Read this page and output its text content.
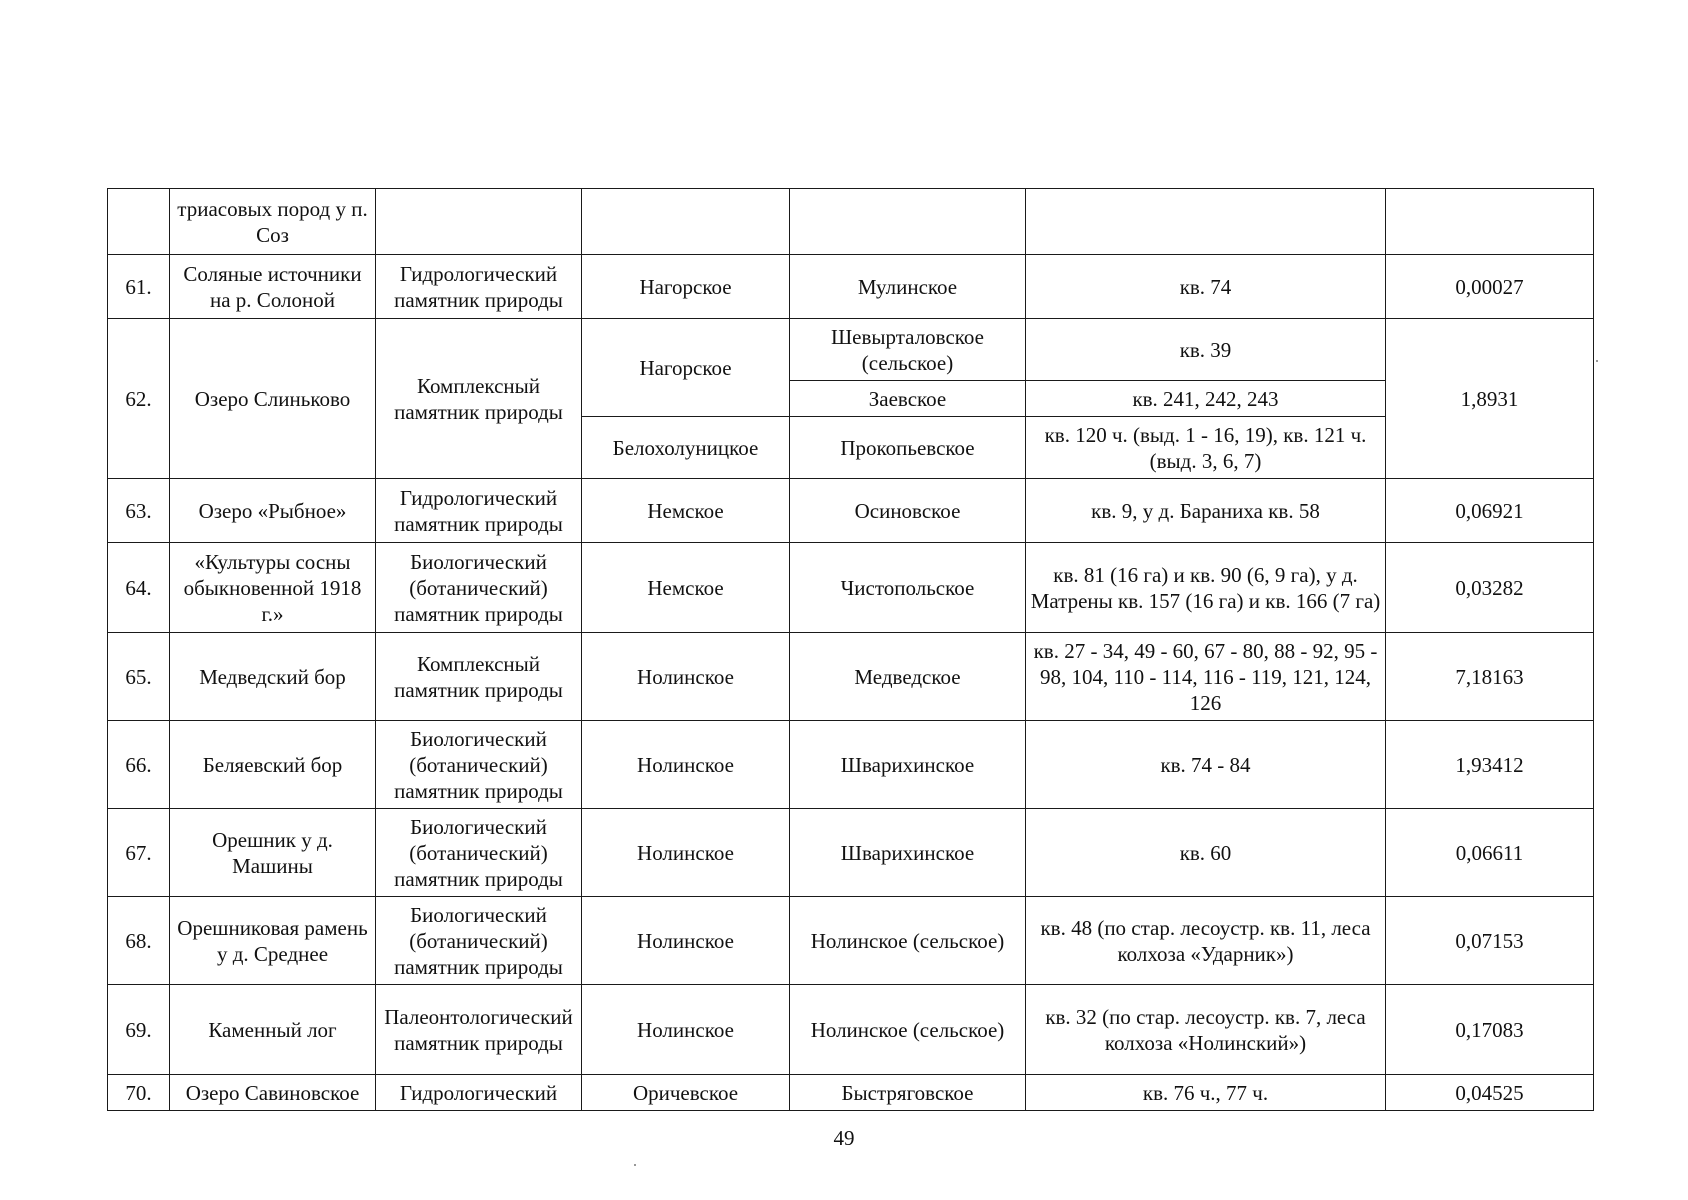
	триасовых пород у п. Соз					
61.	Соляные источники на р. Солоной	Гидрологический памятник природы	Нагорское	Мулинское	кв. 74	0,00027
62.	Озеро Слиньково	Комплексный памятник природы	Нагорское	Шевырталовское (сельское)	кв. 39	1,8931
				Заевское	кв. 241, 242, 243	
			Белохолуницкое	Прокопьевское	кв. 120 ч. (выд. 1 - 16, 19), кв. 121 ч. (выд. 3, 6, 7)	
63.	Озеро «Рыбное»	Гидрологический памятник природы	Немское	Осиновское	кв. 9, у д. Бараниха кв. 58	0,06921
64.	«Культуры сосны обыкновенной 1918 г.»	Биологический (ботанический) памятник природы	Немское	Чистопольское	кв. 81 (16 га) и кв. 90 (6, 9 га), у д. Матрены кв. 157 (16 га) и кв. 166 (7 га)	0,03282
65.	Медведский бор	Комплексный памятник природы	Нолинское	Медведское	кв. 27 - 34, 49 - 60, 67 - 80, 88 - 92, 95 - 98, 104, 110 - 114, 116 - 119, 121, 124, 126	7,18163
66.	Беляевский бор	Биологический (ботанический) памятник природы	Нолинское	Шварихинское	кв. 74 - 84	1,93412
67.	Орешник у д. Машины	Биологический (ботанический) памятник природы	Нолинское	Шварихинское	кв. 60	0,06611
68.	Орешниковая рамень у д. Среднее	Биологический (ботанический) памятник природы	Нолинское	Нолинское (сельское)	кв. 48 (по стар. лесоустр. кв. 11, леса колхоза «Ударник»)	0,07153
69.	Каменный лог	Палеонтологический памятник природы	Нолинское	Нолинское (сельское)	кв. 32 (по стар. лесоустр. кв. 7, леса колхоза «Нолинский»)	0,17083
70.	Озеро Савиновское	Гидрологический	Оричевское	Быстряговское	кв. 76 ч., 77 ч.	0,04525
49
